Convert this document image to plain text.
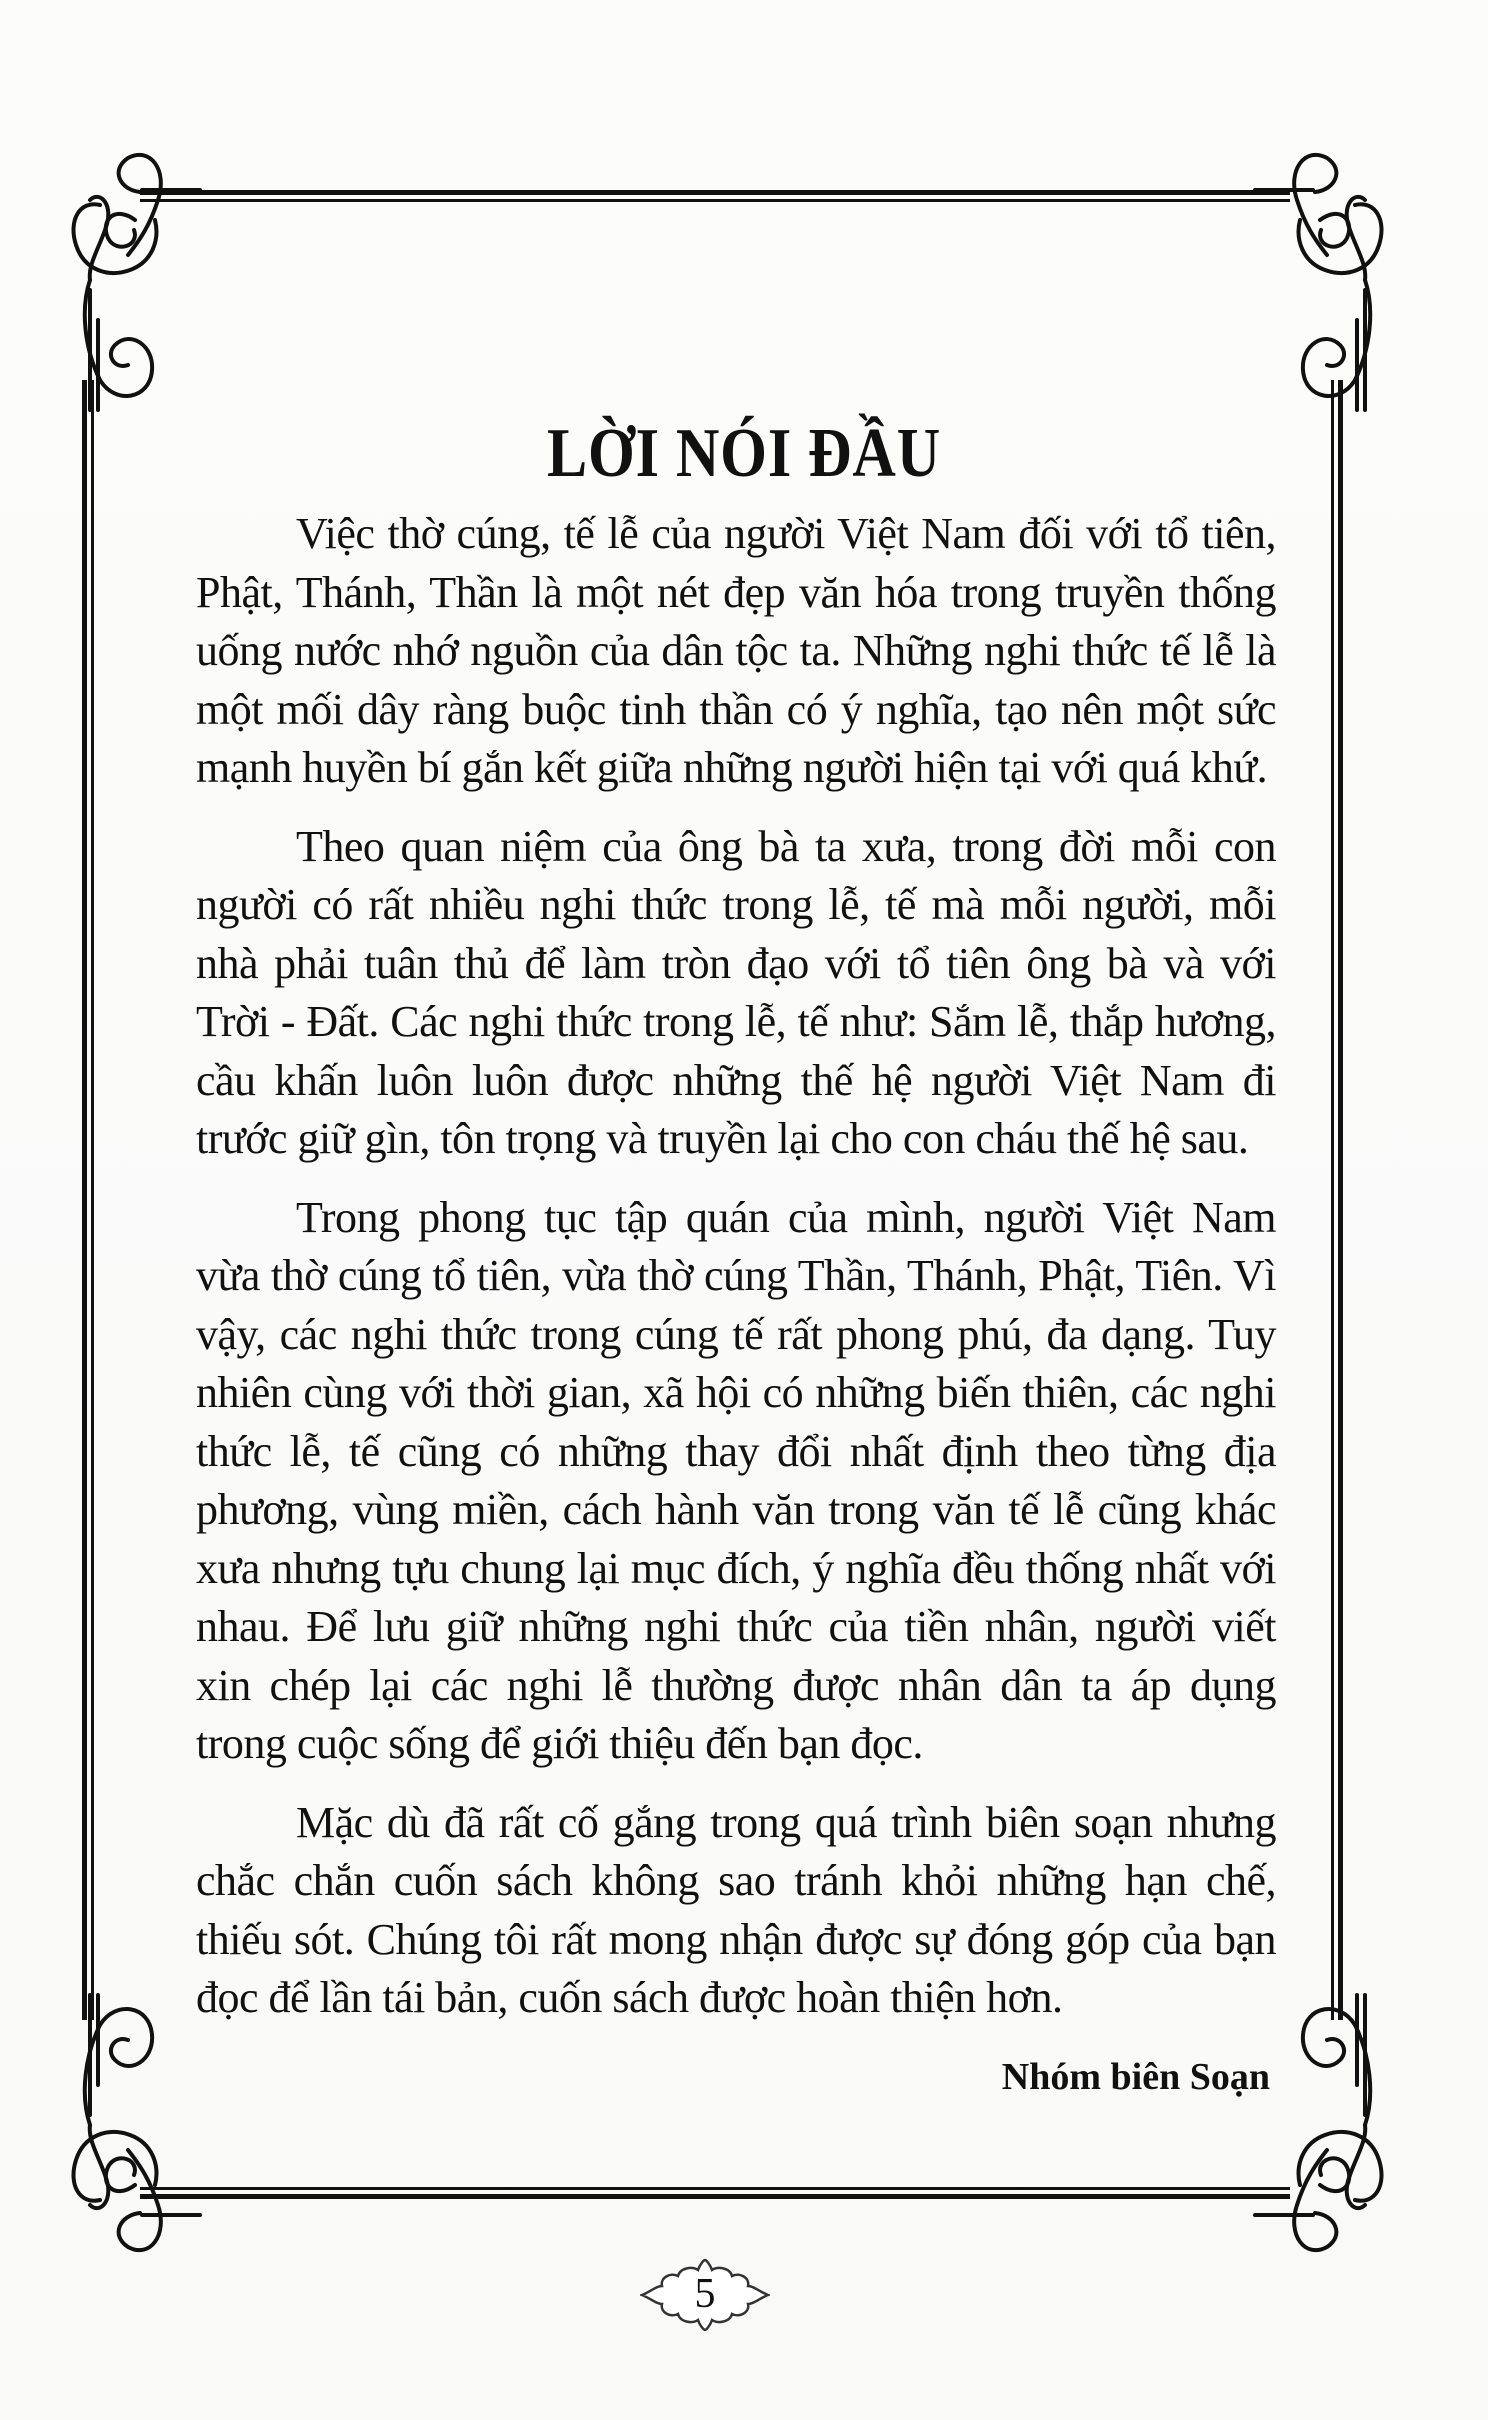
LỜI NÓI ĐẦU

Việc thờ cúng, tế lễ của người Việt Nam đối với tổ tiên, Phật, Thánh, Thần là một nét đẹp văn hóa trong truyền thống uống nước nhớ nguồn của dân tộc ta. Những nghi thức tế lễ là một mối dây ràng buộc tinh thần có ý nghĩa, tạo nên một sức mạnh huyền bí gắn kết giữa những người hiện tại với quá khứ.

Theo quan niệm của ông bà ta xưa, trong đời mỗi con người có rất nhiều nghi thức trong lễ, tế mà mỗi người, mỗi nhà phải tuân thủ để làm tròn đạo với tổ tiên ông bà và với Trời - Đất. Các nghi thức trong lễ, tế như: Sắm lễ, thắp hương, cầu khấn luôn luôn được những thế hệ người Việt Nam đi trước giữ gìn, tôn trọng và truyền lại cho con cháu thế hệ sau.

Trong phong tục tập quán của mình, người Việt Nam vừa thờ cúng tổ tiên, vừa thờ cúng Thần, Thánh, Phật, Tiên. Vì vậy, các nghi thức trong cúng tế rất phong phú, đa dạng. Tuy nhiên cùng với thời gian, xã hội có những biến thiên, các nghi thức lễ, tế cũng có những thay đổi nhất định theo từng địa phương, vùng miền, cách hành văn trong văn tế lễ cũng khác xưa nhưng tựu chung lại mục đích, ý nghĩa đều thống nhất với nhau. Để lưu giữ những nghi thức của tiền nhân, người viết xin chép lại các nghi lễ thường được nhân dân ta áp dụng trong cuộc sống để giới thiệu đến bạn đọc.

Mặc dù đã rất cố gắng trong quá trình biên soạn nhưng chắc chắn cuốn sách không sao tránh khỏi những hạn chế, thiếu sót. Chúng tôi rất mong nhận được sự đóng góp của bạn đọc để lần tái bản, cuốn sách được hoàn thiện hơn.

Nhóm biên Soạn
5
